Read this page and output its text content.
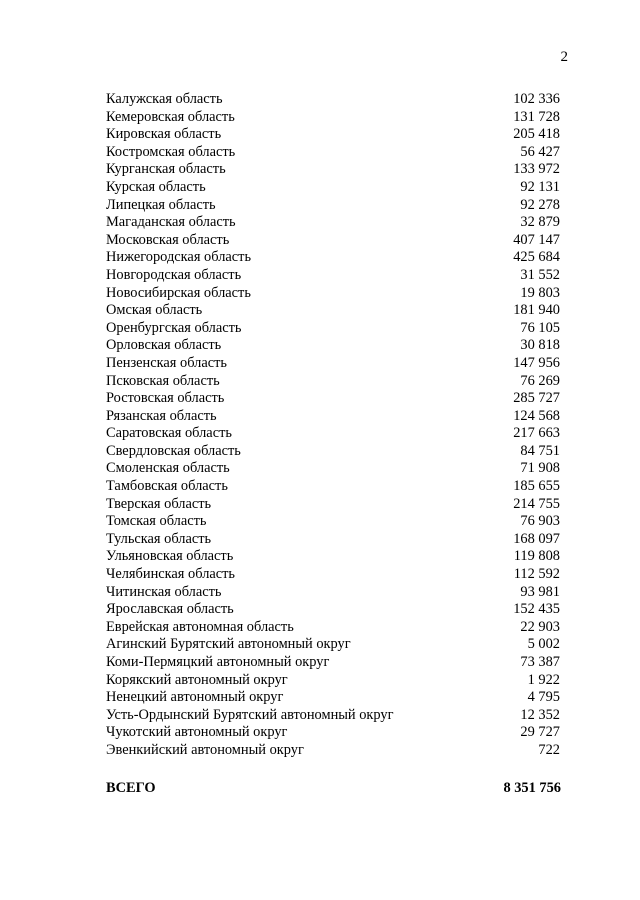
2
Калужская область	102 336
Кемеровская область	131 728
Кировская область	205 418
Костромская область	56 427
Курганская область	133 972
Курская область	92 131
Липецкая область	92 278
Магаданская область	32 879
Московская область	407 147
Нижегородская область	425 684
Новгородская область	31 552
Новосибирская область	19 803
Омская область	181 940
Оренбургская область	76 105
Орловская область	30 818
Пензенская область	147 956
Псковская область	76 269
Ростовская область	285 727
Рязанская область	124 568
Саратовская область	217 663
Свердловская область	84 751
Смоленская область	71 908
Тамбовская область	185 655
Тверская область	214 755
Томская область	76 903
Тульская область	168 097
Ульяновская область	119 808
Челябинская область	112 592
Читинская область	93 981
Ярославская область	152 435
Еврейская автономная область	22 903
Агинский Бурятский автономный округ	5 002
Коми-Пермяцкий автономный округ	73 387
Корякский автономный округ	1 922
Ненецкий автономный округ	4 795
Усть-Ордынский Бурятский автономный округ	12 352
Чукотский автономный округ	29 727
Эвенкийский автономный округ	722
ВСЕГО	8 351 756
